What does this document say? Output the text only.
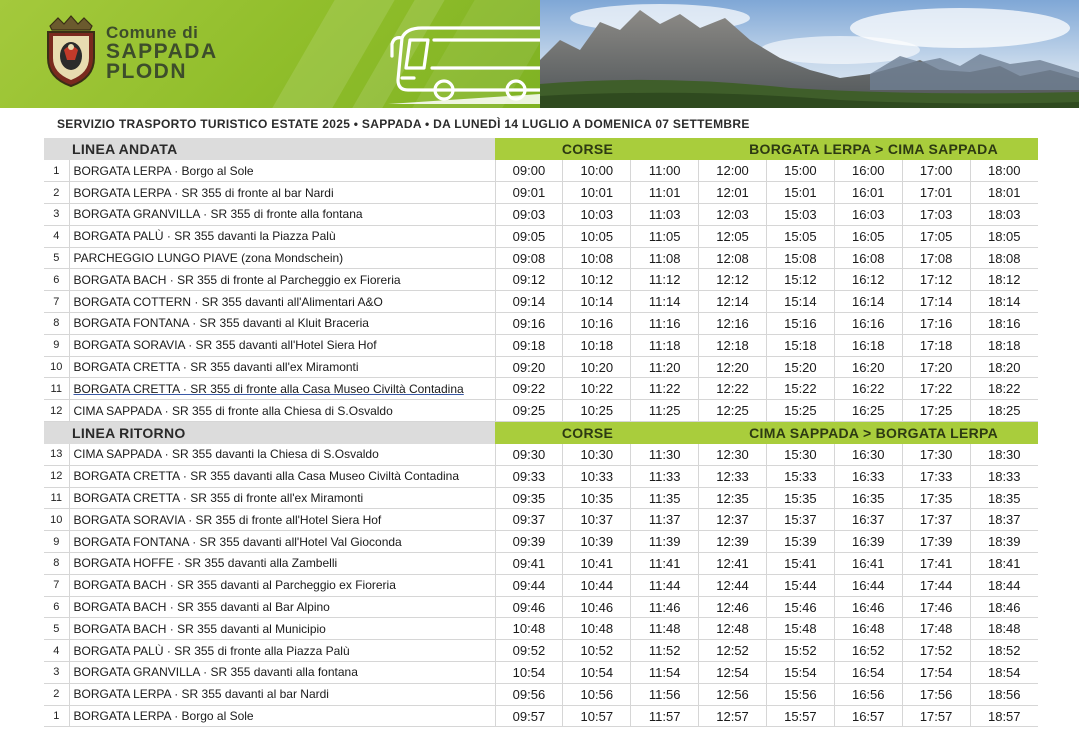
Comune di
SAPPADA
PLODN
SERVIZIO TRASPORTO TURISTICO ESTATE 2025 • SAPPADA • DA LUNEDÌ 14 LUGLIO A DOMENICA 07 SETTEMBRE
LINEA ANDATA		CORSE BORGATA LERPA > CIMA SAPPADA							
1	BORGATA LERPA · Borgo al Sole	09:00	10:00	11:00	12:00	15:00	16:00	17:00	18:00
2	BORGATA LERPA · SR 355 di fronte al bar Nardi	09:01	10:01	11:01	12:01	15:01	16:01	17:01	18:01
3	BORGATA GRANVILLA · SR 355 di fronte alla fontana	09:03	10:03	11:03	12:03	15:03	16:03	17:03	18:03
4	BORGATA PALÙ · SR 355 davanti la Piazza Palù	09:05	10:05	11:05	12:05	15:05	16:05	17:05	18:05
5	PARCHEGGIO LUNGO PIAVE (zona Mondschein)	09:08	10:08	11:08	12:08	15:08	16:08	17:08	18:08
6	BORGATA BACH · SR 355 di fronte al Parcheggio ex Fioreria	09:12	10:12	11:12	12:12	15:12	16:12	17:12	18:12
7	BORGATA COTTERN · SR 355 davanti all'Alimentari A&O	09:14	10:14	11:14	12:14	15:14	16:14	17:14	18:14
8	BORGATA FONTANA · SR 355 davanti al Kluit Braceria	09:16	10:16	11:16	12:16	15:16	16:16	17:16	18:16
9	BORGATA SORAVIA · SR 355 davanti all'Hotel Siera Hof	09:18	10:18	11:18	12:18	15:18	16:18	17:18	18:18
10	BORGATA CRETTA · SR 355 davanti all'ex Miramonti	09:20	10:20	11:20	12:20	15:20	16:20	17:20	18:20
11	BORGATA CRETTA · SR 355 di fronte alla Casa Museo Civiltà Contadina	09:22	10:22	11:22	12:22	15:22	16:22	17:22	18:22
12	CIMA SAPPADA · SR 355 di fronte alla Chiesa di S.Osvaldo	09:25	10:25	11:25	12:25	15:25	16:25	17:25	18:25
LINEA RITORNO		CORSE CIMA SAPPADA > BORGATA LERPA							
13	CIMA SAPPADA · SR 355 davanti la Chiesa di S.Osvaldo	09:30	10:30	11:30	12:30	15:30	16:30	17:30	18:30
12	BORGATA CRETTA · SR 355 davanti alla Casa Museo Civiltà Contadina	09:33	10:33	11:33	12:33	15:33	16:33	17:33	18:33
11	BORGATA CRETTA · SR 355 di fronte all'ex Miramonti	09:35	10:35	11:35	12:35	15:35	16:35	17:35	18:35
10	BORGATA SORAVIA · SR 355 di fronte all'Hotel Siera Hof	09:37	10:37	11:37	12:37	15:37	16:37	17:37	18:37
9	BORGATA FONTANA · SR 355 davanti all'Hotel Val Gioconda	09:39	10:39	11:39	12:39	15:39	16:39	17:39	18:39
8	BORGATA HOFFE · SR 355 davanti alla Zambelli	09:41	10:41	11:41	12:41	15:41	16:41	17:41	18:41
7	BORGATA BACH · SR 355 davanti al Parcheggio ex Fioreria	09:44	10:44	11:44	12:44	15:44	16:44	17:44	18:44
6	BORGATA BACH · SR 355 davanti al Bar Alpino	09:46	10:46	11:46	12:46	15:46	16:46	17:46	18:46
5	BORGATA BACH · SR 355 davanti al Municipio	10:48	10:48	11:48	12:48	15:48	16:48	17:48	18:48
4	BORGATA PALÙ · SR 355 di fronte alla Piazza Palù	09:52	10:52	11:52	12:52	15:52	16:52	17:52	18:52
3	BORGATA GRANVILLA · SR 355 davanti alla fontana	10:54	10:54	11:54	12:54	15:54	16:54	17:54	18:54
2	BORGATA LERPA · SR 355 davanti al bar Nardi	09:56	10:56	11:56	12:56	15:56	16:56	17:56	18:56
1	BORGATA LERPA · Borgo al Sole	09:57	10:57	11:57	12:57	15:57	16:57	17:57	18:57
